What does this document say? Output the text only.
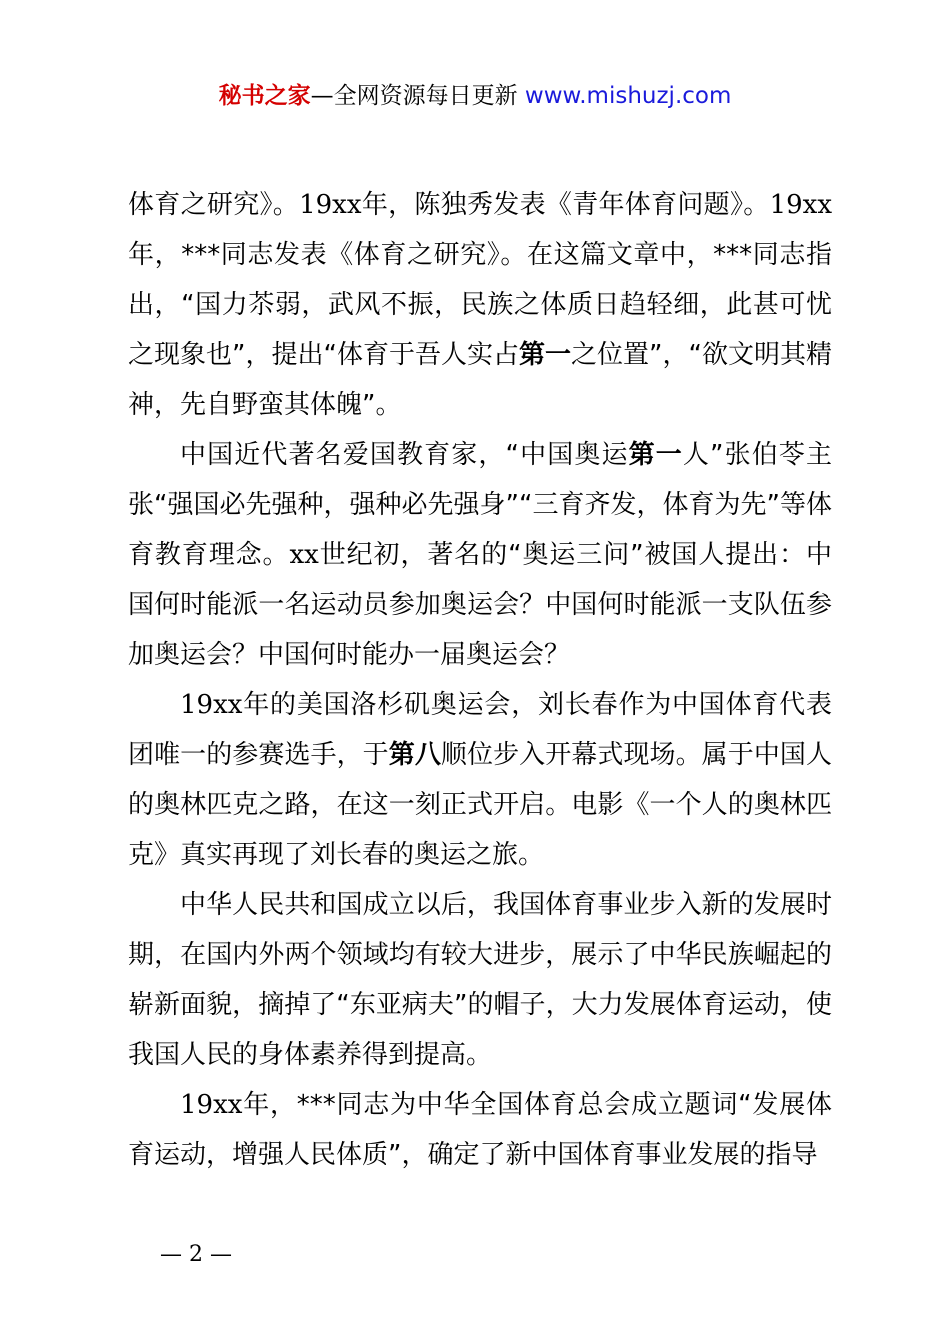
秘书之家—全网资源每日更新 www.mishuzj.com

体育之研究》。19xx年，陈独秀发表《青年体育问题》。19xx年，***同志发表《体育之研究》。在这篇文章中，***同志指出，“国力苶弱，武风不振，民族之体质日趋轻细，此甚可忧之现象也”，提出“体育于吾人实占第一之位置”，“欲文明其精神，先自野蛮其体魄”。

中国近代著名爱国教育家，“中国奥运第一人”张伯苓主张“强国必先强种，强种必先强身”“三育齐发，体育为先”等体育教育理念。xx世纪初，著名的“奥运三问”被国人提出：中国何时能派一名运动员参加奥运会？中国何时能派一支队伍参加奥运会？中国何时能办一届奥运会？

19xx年的美国洛杉矶奥运会，刘长春作为中国体育代表团唯一的参赛选手，于第八顺位步入开幕式现场。属于中国人的奥林匹克之路，在这一刻正式开启。电影《一个人的奥林匹克》真实再现了刘长春的奥运之旅。

中华人民共和国成立以后，我国体育事业步入新的发展时期，在国内外两个领域均有较大进步，展示了中华民族崛起的崭新面貌，摘掉了“东亚病夫”的帽子，大力发展体育运动，使我国人民的身体素养得到提高。

19xx年，***同志为中华全国体育总会成立题词“发展体育运动，增强人民体质”，确定了新中国体育事业发展的指导

— 2 —
